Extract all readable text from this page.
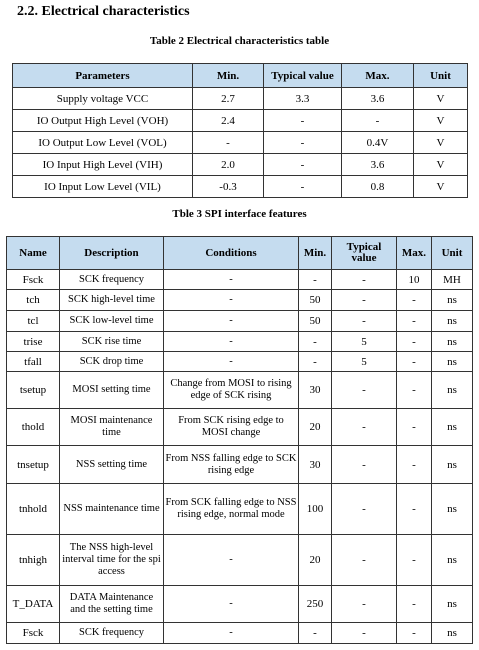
2.2. Electrical characteristics
Table 2 Electrical characteristics table
Parameters	Min.	Typical value	Max.	Unit
Supply voltage VCC	2.7	3.3	3.6	V
IO Output High Level (VOH)	2.4	-	-	V
IO Output Low Level (VOL)	-	-	0.4V	V
IO Input High Level (VIH)	2.0	-	3.6	V
IO Input Low Level (VIL)	-0.3	-	0.8	V
Tble 3 SPI interface features
Name	Description	Conditions	Min.	Typical value	Max.	Unit
Fsck	SCK frequency	-	-	-	10	MH
tch	SCK high-level time	-	50	-	-	ns
tcl	SCK low-level time	-	50	-	-	ns
trise	SCK rise time	-	-	5	-	ns
tfall	SCK drop time	-	-	5	-	ns
tsetup	MOSI setting time	Change from MOSI to rising edge of SCK rising	30	-	-	ns
thold	MOSI maintenance time	From SCK rising edge to MOSI change	20	-	-	ns
tnsetup	NSS setting time	From NSS falling edge to SCK rising edge	30	-	-	ns
tnhold	NSS maintenance time	From SCK falling edge to NSS rising edge, normal mode	100	-	-	ns
tnhigh	The NSS high-level interval time for the spi access	-	20	-	-	ns
T_DATA	DATA Maintenance and the setting time	-	250	-	-	ns
Fsck	SCK frequency	-	-	-	-	ns
